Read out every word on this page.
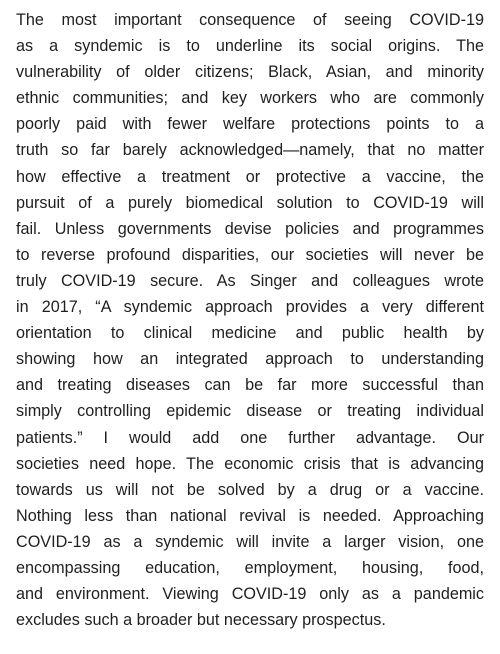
The most important consequence of seeing COVID-19
as a syndemic is to underline its social origins. The
vulnerability of older citizens; Black, Asian, and minority
ethnic communities; and key workers who are commonly
poorly paid with fewer welfare protections points to a
truth so far barely acknowledged—namely, that no matter
how effective a treatment or protective a vaccine, the
pursuit of a purely biomedical solution to COVID-19 will
fail. Unless governments devise policies and programmes
to reverse profound disparities, our societies will never be
truly COVID-19 secure. As Singer and colleagues wrote
in 2017, “A syndemic approach provides a very different
orientation to clinical medicine and public health by
showing how an integrated approach to understanding
and treating diseases can be far more successful than
simply controlling epidemic disease or treating individual
patients.” I would add one further advantage. Our
societies need hope. The economic crisis that is advancing
towards us will not be solved by a drug or a vaccine.
Nothing less than national revival is needed. Approaching
COVID-19 as a syndemic will invite a larger vision, one
encompassing education, employment, housing, food,
and environment. Viewing COVID-19 only as a pandemic
excludes such a broader but necessary prospectus.
